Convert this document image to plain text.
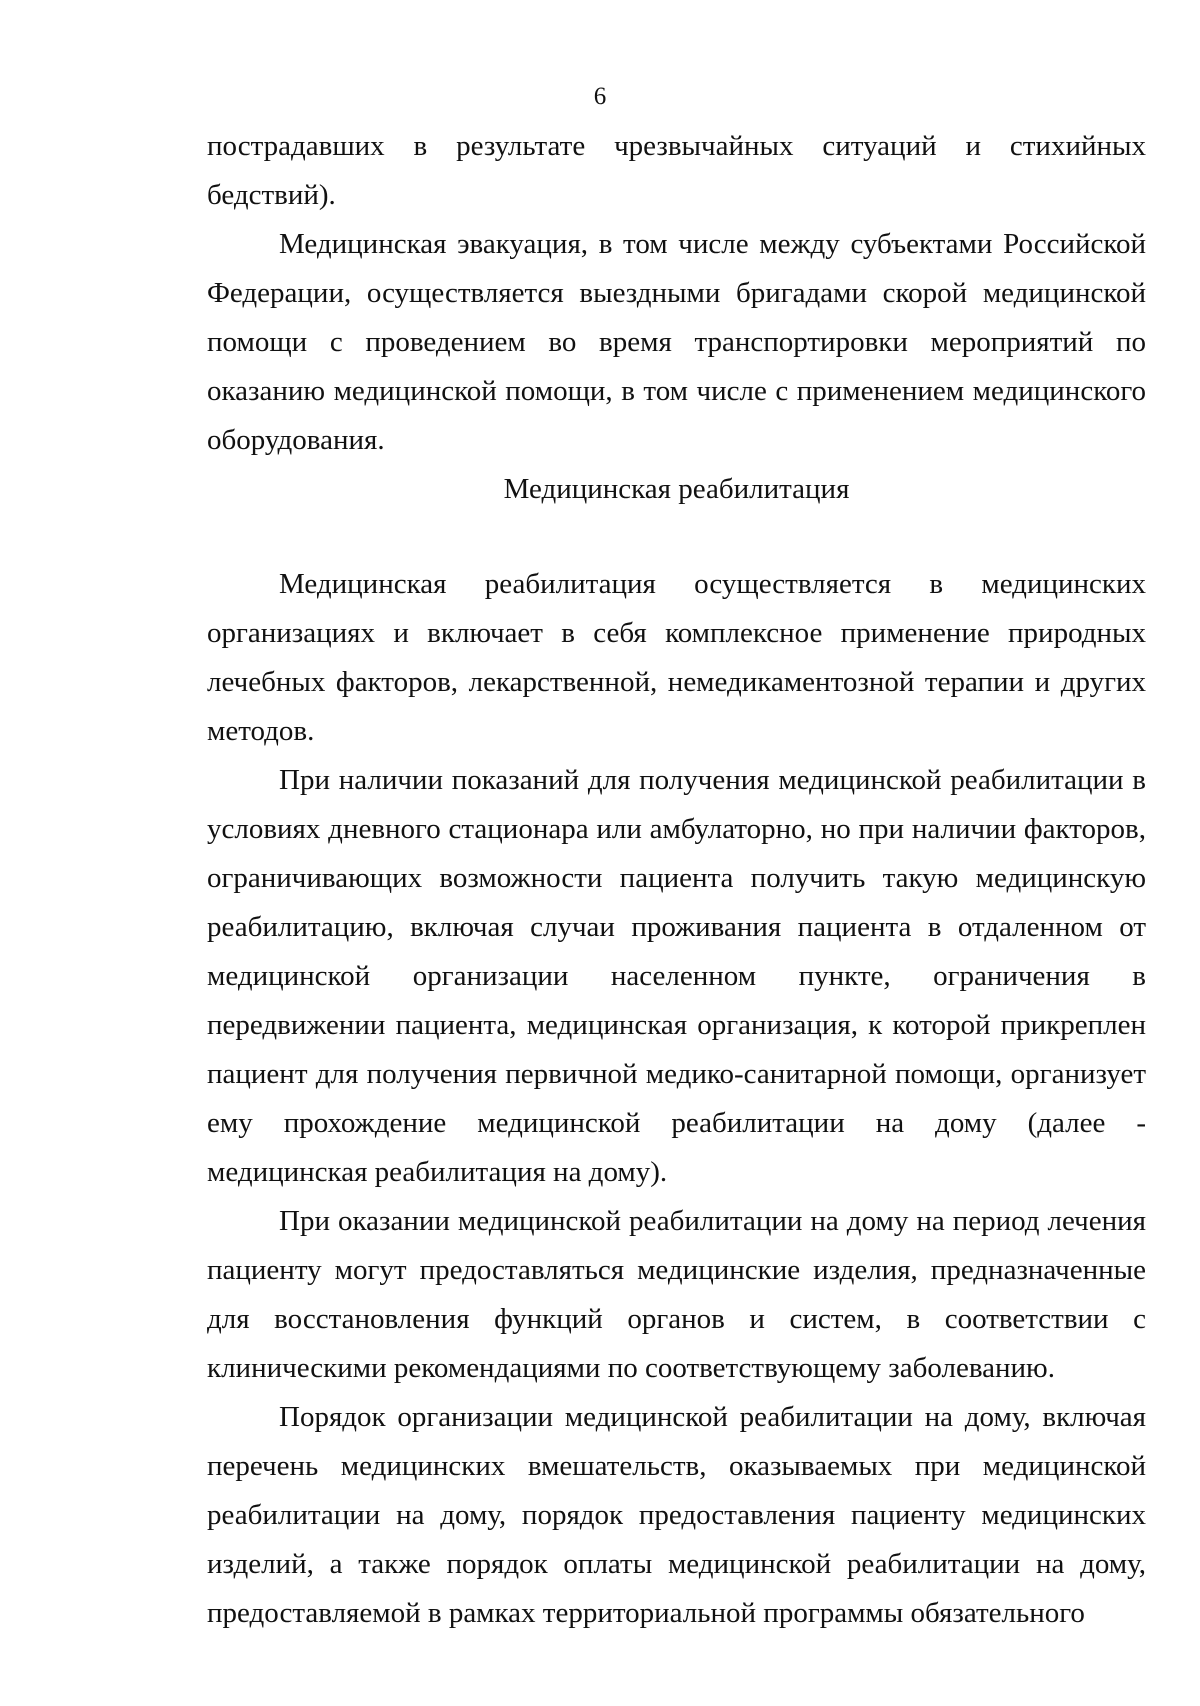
6

пострадавших в результате чрезвычайных ситуаций и стихийных бедствий).

Медицинская эвакуация, в том числе между субъектами Российской Федерации, осуществляется выездными бригадами скорой медицинской помощи с проведением во время транспортировки мероприятий по оказанию медицинской помощи, в том числе с применением медицинского оборудования.

Медицинская реабилитация

Медицинская реабилитация осуществляется в медицинских организациях и включает в себя комплексное применение природных лечебных факторов, лекарственной, немедикаментозной терапии и других методов.

При наличии показаний для получения медицинской реабилитации в условиях дневного стационара или амбулаторно, но при наличии факторов, ограничивающих возможности пациента получить такую медицинскую реабилитацию, включая случаи проживания пациента в отдаленном от медицинской организации населенном пункте, ограничения в передвижении пациента, медицинская организация, к которой прикреплен пациент для получения первичной медико-санитарной помощи, организует ему прохождение медицинской реабилитации на дому (далее - медицинская реабилитация на дому).

При оказании медицинской реабилитации на дому на период лечения пациенту могут предоставляться медицинские изделия, предназначенные для восстановления функций органов и систем, в соответствии с клиническими рекомендациями по соответствующему заболеванию.

Порядок организации медицинской реабилитации на дому, включая перечень медицинских вмешательств, оказываемых при медицинской реабилитации на дому, порядок предоставления пациенту медицинских изделий, а также порядок оплаты медицинской реабилитации на дому, предоставляемой в рамках территориальной программы обязательного
